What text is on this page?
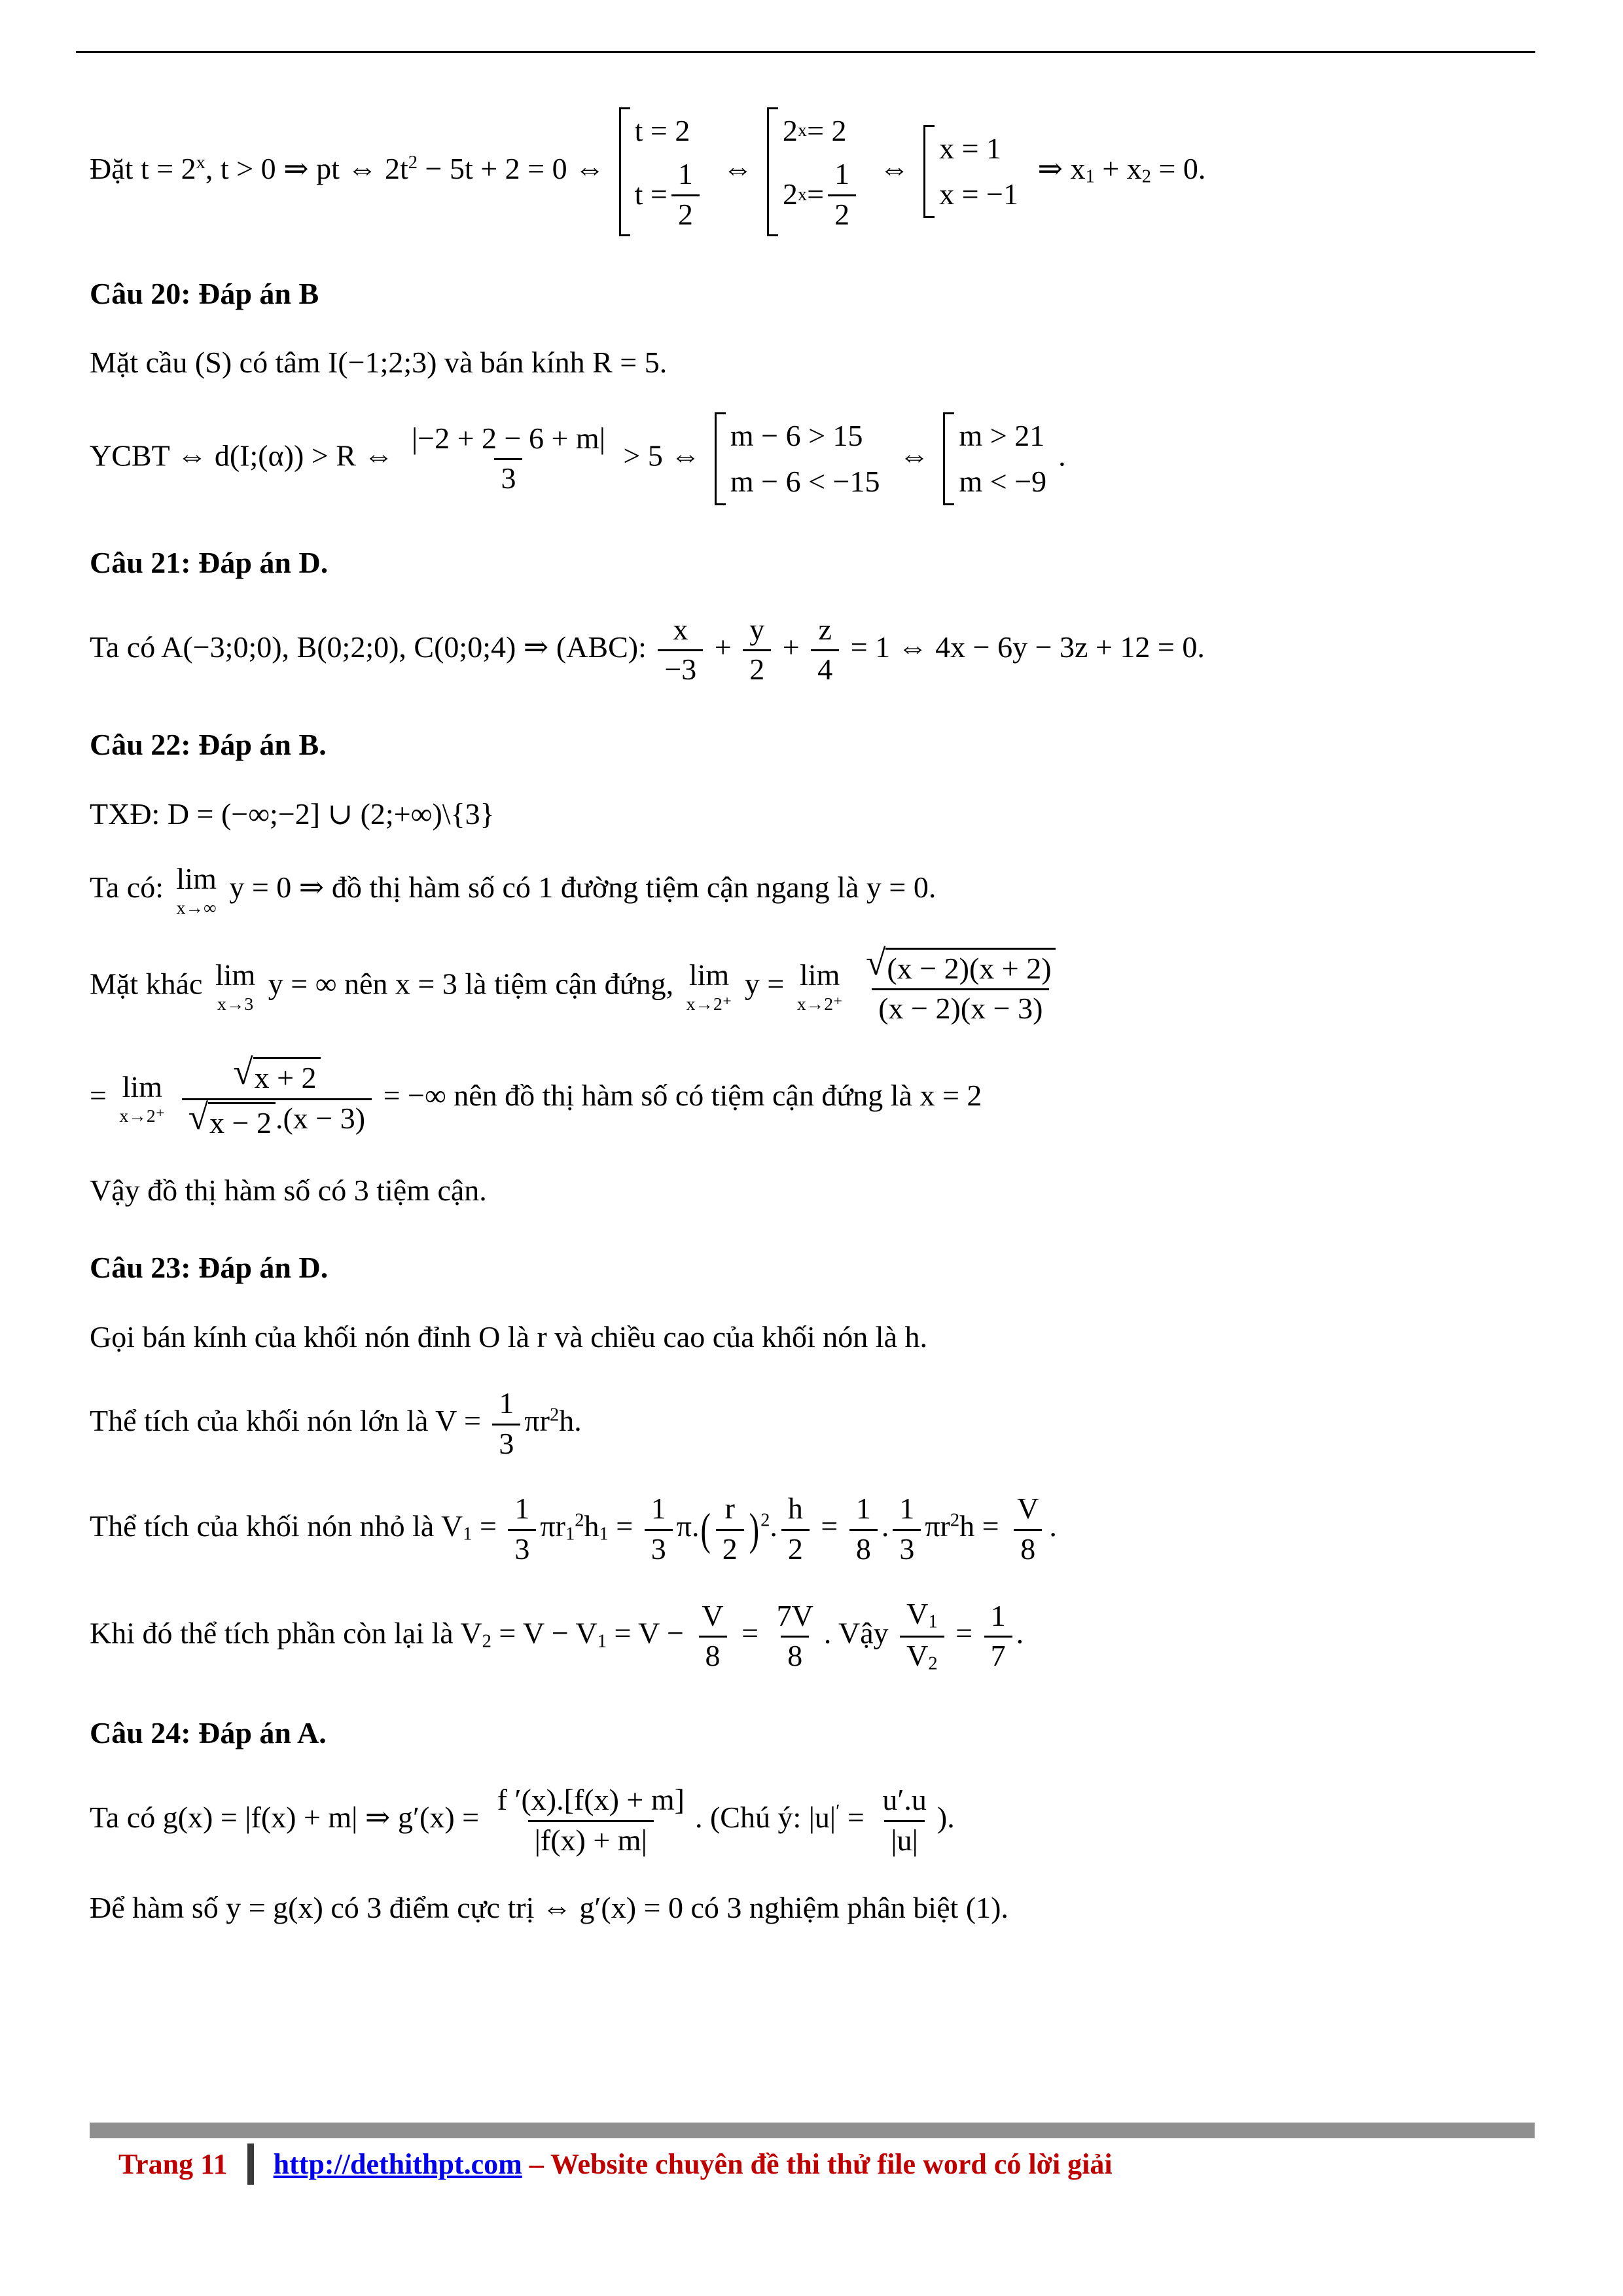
Đặt $t = 2^x$, t > 0 ⇒ pt ⇔ $2t^2 - 5t + 2 = 0$ ⇔
t = 2
$t = \frac{1}{2}$ ⇔
2 x = 2
2 $x = \frac{1}{2}$ ⇔
x = 1
x = −1
⇒ $x_1 + x_2 = 0$.

Câu 20: Đáp án B

Mặt cầu (S) có tâm I(−1;2;3) và bán kính R = 5.

YCBT ⇔ d(I;(α)) > R ⇔ $\frac{|-2 + 2 - 6 + m|}{3} > 5$ ⇔
m − 6 > 15
m − 6 < −15
⇔
m > 21
m < −9
.

Câu 21: Đáp án D.

Ta có A(−3;0;0), B(0;2;0), C(0;0;4) ⇒ (ABC): $\frac{x}{-3} + \frac{y}{2} + \frac{z}{4} = 1$ ⇔ 4x − 6y − 3z + 12 = 0.

Câu 22: Đáp án B.

TXĐ: D = (−∞;−2] ∪ (2;+∞)\{3}

Ta có: lim
x→∞
y = 0 ⇒ đồ thị hàm số có 1 đường tiệm cận ngang là y = 0.

Mặt khác lim
x→3
y = ∞ nên x = 3 là tiệm cận đứng, lim
x→2⁺
y = lim
x→2⁺
$\frac{√ (x - 2)(x + 2)}{(x - 2)(x - 3)}$

= lim
x→2⁺
$\frac{√ x + 2}{√ x - 2 .(x - 3)}$ = −∞ nên đồ thị hàm số có tiệm cận đứng là x = 2

Vậy đồ thị hàm số có 3 tiệm cận.

Câu 23: Đáp án D.

Gọi bán kính của khối nón đỉnh O là r và chiều cao của khối nón là h.

Thể tích của khối nón lớn là $V = \frac{1}{3} \pi r^2h$.

Thể tích của khối nón nhỏ là $V_1 = \frac{1}{3} \pi r_1^2h_1 = \frac{1}{3} \pi.( \frac{r}{2} )^2$. $\frac{h}{2} = \frac{1}{8}$ . $\frac{1}{3} \pi r^2h = \frac{V}{8}$ .

Khi đó thể tích phần còn lại là $V_2 = V - V_1 = V - \frac{V}{8} = \frac{7V}{8}$ . Vậy $\frac{V_1}{V_2} = \frac{1}{7}$ .

Câu 24: Đáp án A.

Ta có g(x) = |f(x) + m| ⇒ $g'(x) = \frac{f '(x).[f(x) + m]}{|f(x) + m|}$ . (Chú ý: $|u|' = \frac{u'.u}{|u|}$ ).

Để hàm số y = g(x) có 3 điểm cực trị ⇔ g′(x) = 0 có 3 nghiệm phân biệt (1).

Trang 11	http://dethithpt.com – Website chuyên đề thi thử file word có lời giải
